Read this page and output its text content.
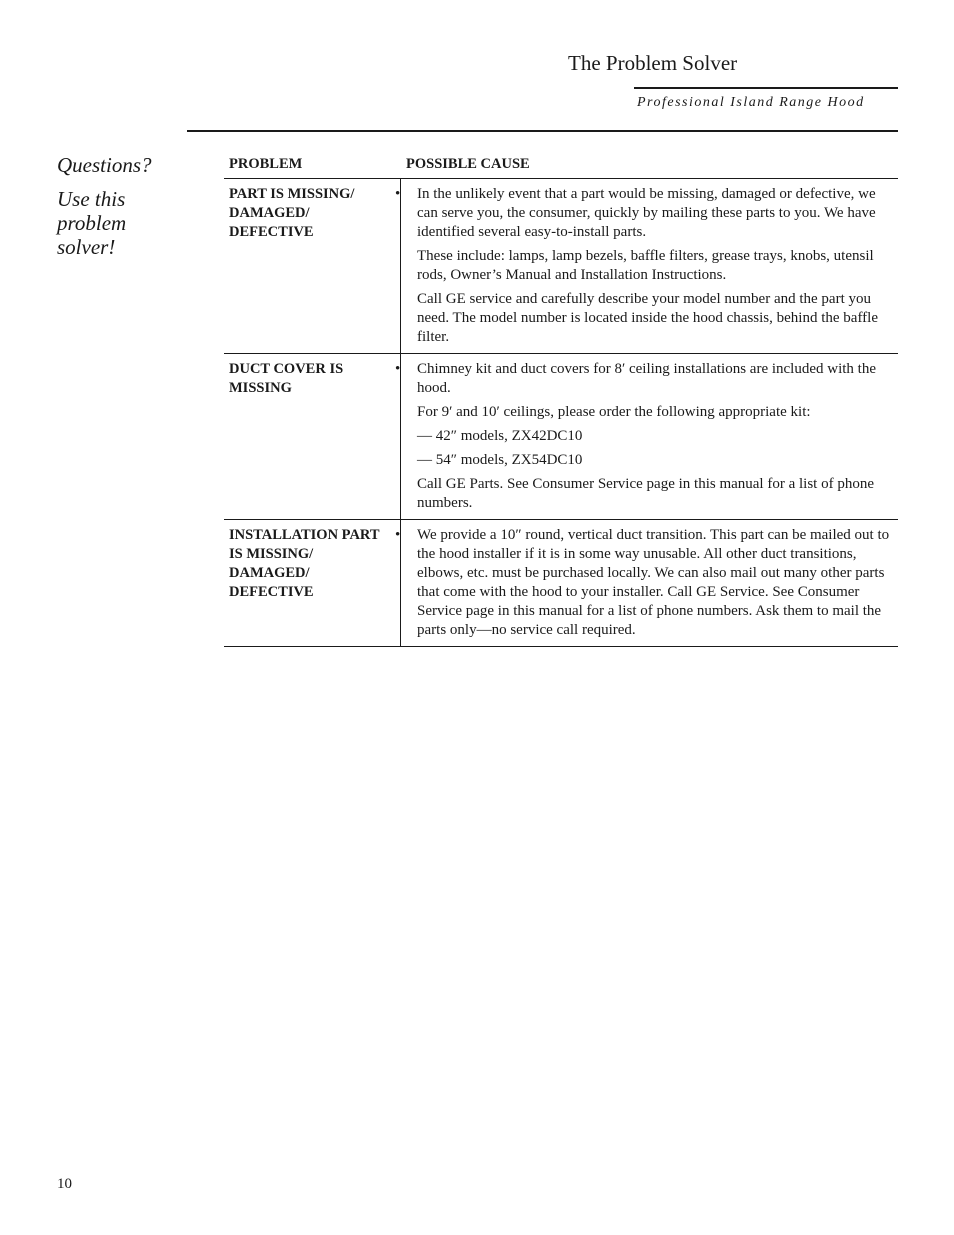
The Problem Solver
Professional Island Range Hood
Questions?
Use this problem solver!
PROBLEM	POSSIBLE CAUSE
PART IS MISSING/ DAMAGED/ DEFECTIVE
• In the unlikely event that a part would be missing, damaged or defective, we can serve you, the consumer, quickly by mailing these parts to you. We have identified several easy-to-install parts.
These include: lamps, lamp bezels, baffle filters, grease trays, knobs, utensil rods, Owner’s Manual and Installation Instructions.
Call GE service and carefully describe your model number and the part you need. The model number is located inside the hood chassis, behind the baffle filter.
DUCT COVER IS MISSING
• Chimney kit and duct covers for 8′ ceiling installations are included with the hood.
For 9′ and 10′ ceilings, please order the following appropriate kit:
— 42″ models, ZX42DC10
— 54″ models, ZX54DC10
Call GE Parts. See Consumer Service page in this manual for a list of phone numbers.
INSTALLATION PART IS MISSING/ DAMAGED/ DEFECTIVE
• We provide a 10″ round, vertical duct transition. This part can be mailed out to the hood installer if it is in some way unusable. All other duct transitions, elbows, etc. must be purchased locally. We can also mail out many other parts that come with the hood to your installer. Call GE Service. See Consumer Service page in this manual for a list of phone numbers. Ask them to mail the parts only—no service call required.
10
